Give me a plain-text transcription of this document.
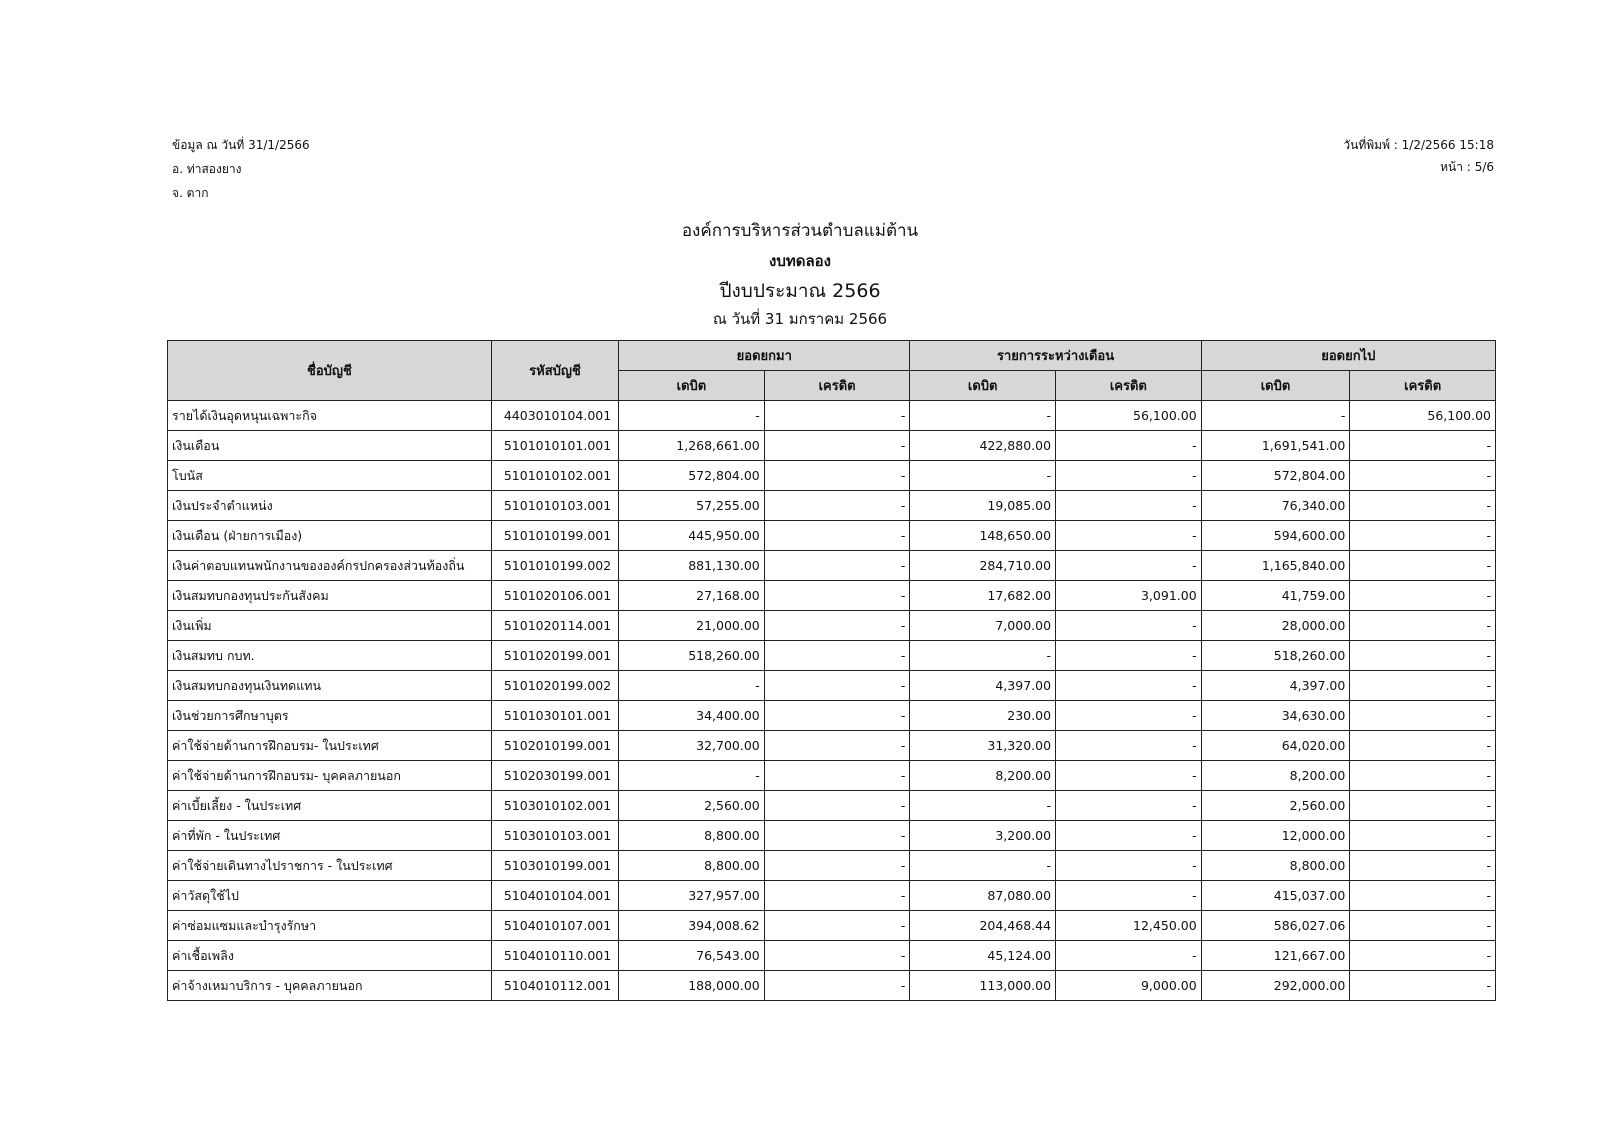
ข้อมูล ณ วันที่ 31/1/2566
อ. ท่าสองยาง
จ. ตาก
วันที่พิมพ์ : 1/2/2566 15:18
หน้า : 5/6
องค์การบริหารส่วนตำบลแม่ต้าน
งบทดลอง
ปีงบประมาณ 2566
ณ วันที่ 31 มกราคม 2566
ชื่อบัญชี	รหัสบัญชี	ยอดยกมา		รายการระหว่างเดือน		ยอดยกไป	
		เดบิต	เครดิต	เดบิต	เครดิต	เดบิต	เครดิต
รายได้เงินอุดหนุนเฉพาะกิจ	4403010104.001	-	-	-	56,100.00	-	56,100.00
เงินเดือน	5101010101.001	1,268,661.00	-	422,880.00	-	1,691,541.00	-
โบนัส	5101010102.001	572,804.00	-	-	-	572,804.00	-
เงินประจำตำแหน่ง	5101010103.001	57,255.00	-	19,085.00	-	76,340.00	-
เงินเดือน (ฝ่ายการเมือง)	5101010199.001	445,950.00	-	148,650.00	-	594,600.00	-
เงินค่าตอบแทนพนักงานขององค์กรปกครองส่วนท้องถิ่น	5101010199.002	881,130.00	-	284,710.00	-	1,165,840.00	-
เงินสมทบกองทุนประกันสังคม	5101020106.001	27,168.00	-	17,682.00	3,091.00	41,759.00	-
เงินเพิ่ม	5101020114.001	21,000.00	-	7,000.00	-	28,000.00	-
เงินสมทบ กบท.	5101020199.001	518,260.00	-	-	-	518,260.00	-
เงินสมทบกองทุนเงินทดแทน	5101020199.002	-	-	4,397.00	-	4,397.00	-
เงินช่วยการศึกษาบุตร	5101030101.001	34,400.00	-	230.00	-	34,630.00	-
ค่าใช้จ่ายด้านการฝึกอบรม- ในประเทศ	5102010199.001	32,700.00	-	31,320.00	-	64,020.00	-
ค่าใช้จ่ายด้านการฝึกอบรม- บุคคลภายนอก	5102030199.001	-	-	8,200.00	-	8,200.00	-
ค่าเบี้ยเลี้ยง - ในประเทศ	5103010102.001	2,560.00	-	-	-	2,560.00	-
ค่าที่พัก - ในประเทศ	5103010103.001	8,800.00	-	3,200.00	-	12,000.00	-
ค่าใช้จ่ายเดินทางไปราชการ - ในประเทศ	5103010199.001	8,800.00	-	-	-	8,800.00	-
ค่าวัสดุใช้ไป	5104010104.001	327,957.00	-	87,080.00	-	415,037.00	-
ค่าซ่อมแซมและบำรุงรักษา	5104010107.001	394,008.62	-	204,468.44	12,450.00	586,027.06	-
ค่าเชื้อเพลิง	5104010110.001	76,543.00	-	45,124.00	-	121,667.00	-
ค่าจ้างเหมาบริการ - บุคคลภายนอก	5104010112.001	188,000.00	-	113,000.00	9,000.00	292,000.00	-
